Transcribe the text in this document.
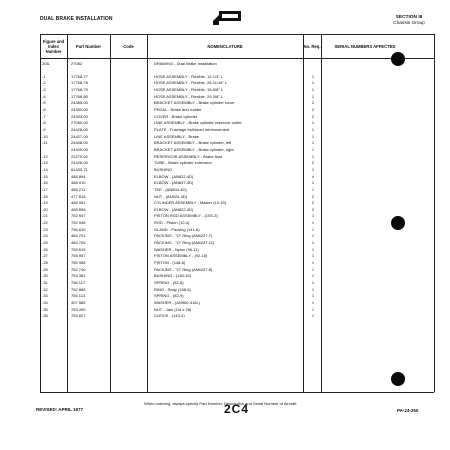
DUAL BRAKE INSTALLATION	SECTION III
Chassis Group
Figure and Index Number
Part Number	Code	NOMENCLATURE	No. Req.	SERIAL NUMBERS AFFECTED
208-	27082	DRAWING - Dual Brake Installation
-1	17768-77	HOSE ASSEMBLY - Flexible, 12-1/4" L	1
-2	17768-78	HOSE ASSEMBLY - Flexible, 26-11/16" L	1
-3	17768-79	HOSE ASSEMBLY - Flexible, 15-5/8" L	1
-4	17768-80	HOSE ASSEMBLY - Flexible, 29-3/8" L	1
-5	24385-00	BRACKET ASSEMBLY - Brake cylinder cover	2
-6	24392-00	PEDAL - Brake and rudder	2
-7	24393-00	COVER - Brake cylinder	2
-8	27060-00	LINE ASSEMBLY - Brake cylinder reservoir outlet	1
-9	24426-00	PLATE - Fuselage bulkhead reinforcement	1
-10	24427-00	LINE ASSEMBLY - Brake	1
-11	24408-00	BRACKET ASSEMBLY - Brake cylinder, left	1
24409-00	BRACKET ASSEMBLY - Brake cylinder, right	1
-12	22270-02	RESERVOIR ASSEMBLY - Brake fluid	1
-13	24428-00	TUBE - Brake cylinder extension	2
-14	61433-71	BUSHING	1
-15	488 894	ELBOW - (AN822-4D)	4
-16	488 910	ELBOW - (AN837-4D)	1
-17	488 211	TEE - (AN804-4D)	1
-18	477 818	NUT - (AN924-4D)	2
-19	488 951	CYLINDER ASSEMBLY - Master (10-19)	2
-20	488 896	ELBOW - (AN822-4D)	2
-21	752 947	PISTON ROD ASSEMBLY - (10S-3)	1
-22	752 948	ROD - Piston (10-4)	1
-23	756 810	GLAND - Packing (141-6)	1
-24	484 701	PACKING - "O" Ring (AN6227-7)	1
-25	484 705	PACKING - "O" Ring (AN6227-11)	1
-26	756 619	WASHER - Nylon (96-11)	1
-27	755 957	PISTON ASSEMBLY - (92-15)	1
-28	755 958	PISTON - (148-6)	1
-29	752 740	PACKING - "O" Ring (AN6227-8)	1
-30	753 381	BUSHING - (148-16)	1
-31	756 117	SPRING - (82-8)	1
-32	752 885	RING - Snap (158-6)	1
-33	756 113	SPRING - (82-9)	1
-34	407 585	WASHER - (AN960-416L)	1
-35	753 490	NUT - Jam (1/4 x 28)	1
-36	753 827	CLEVIS - (143-4)	1
When ordering, always specify Part Number, Description and Serial Number of Aircraft
REVISED: APRIL 1977	2C4	PA-24-250
